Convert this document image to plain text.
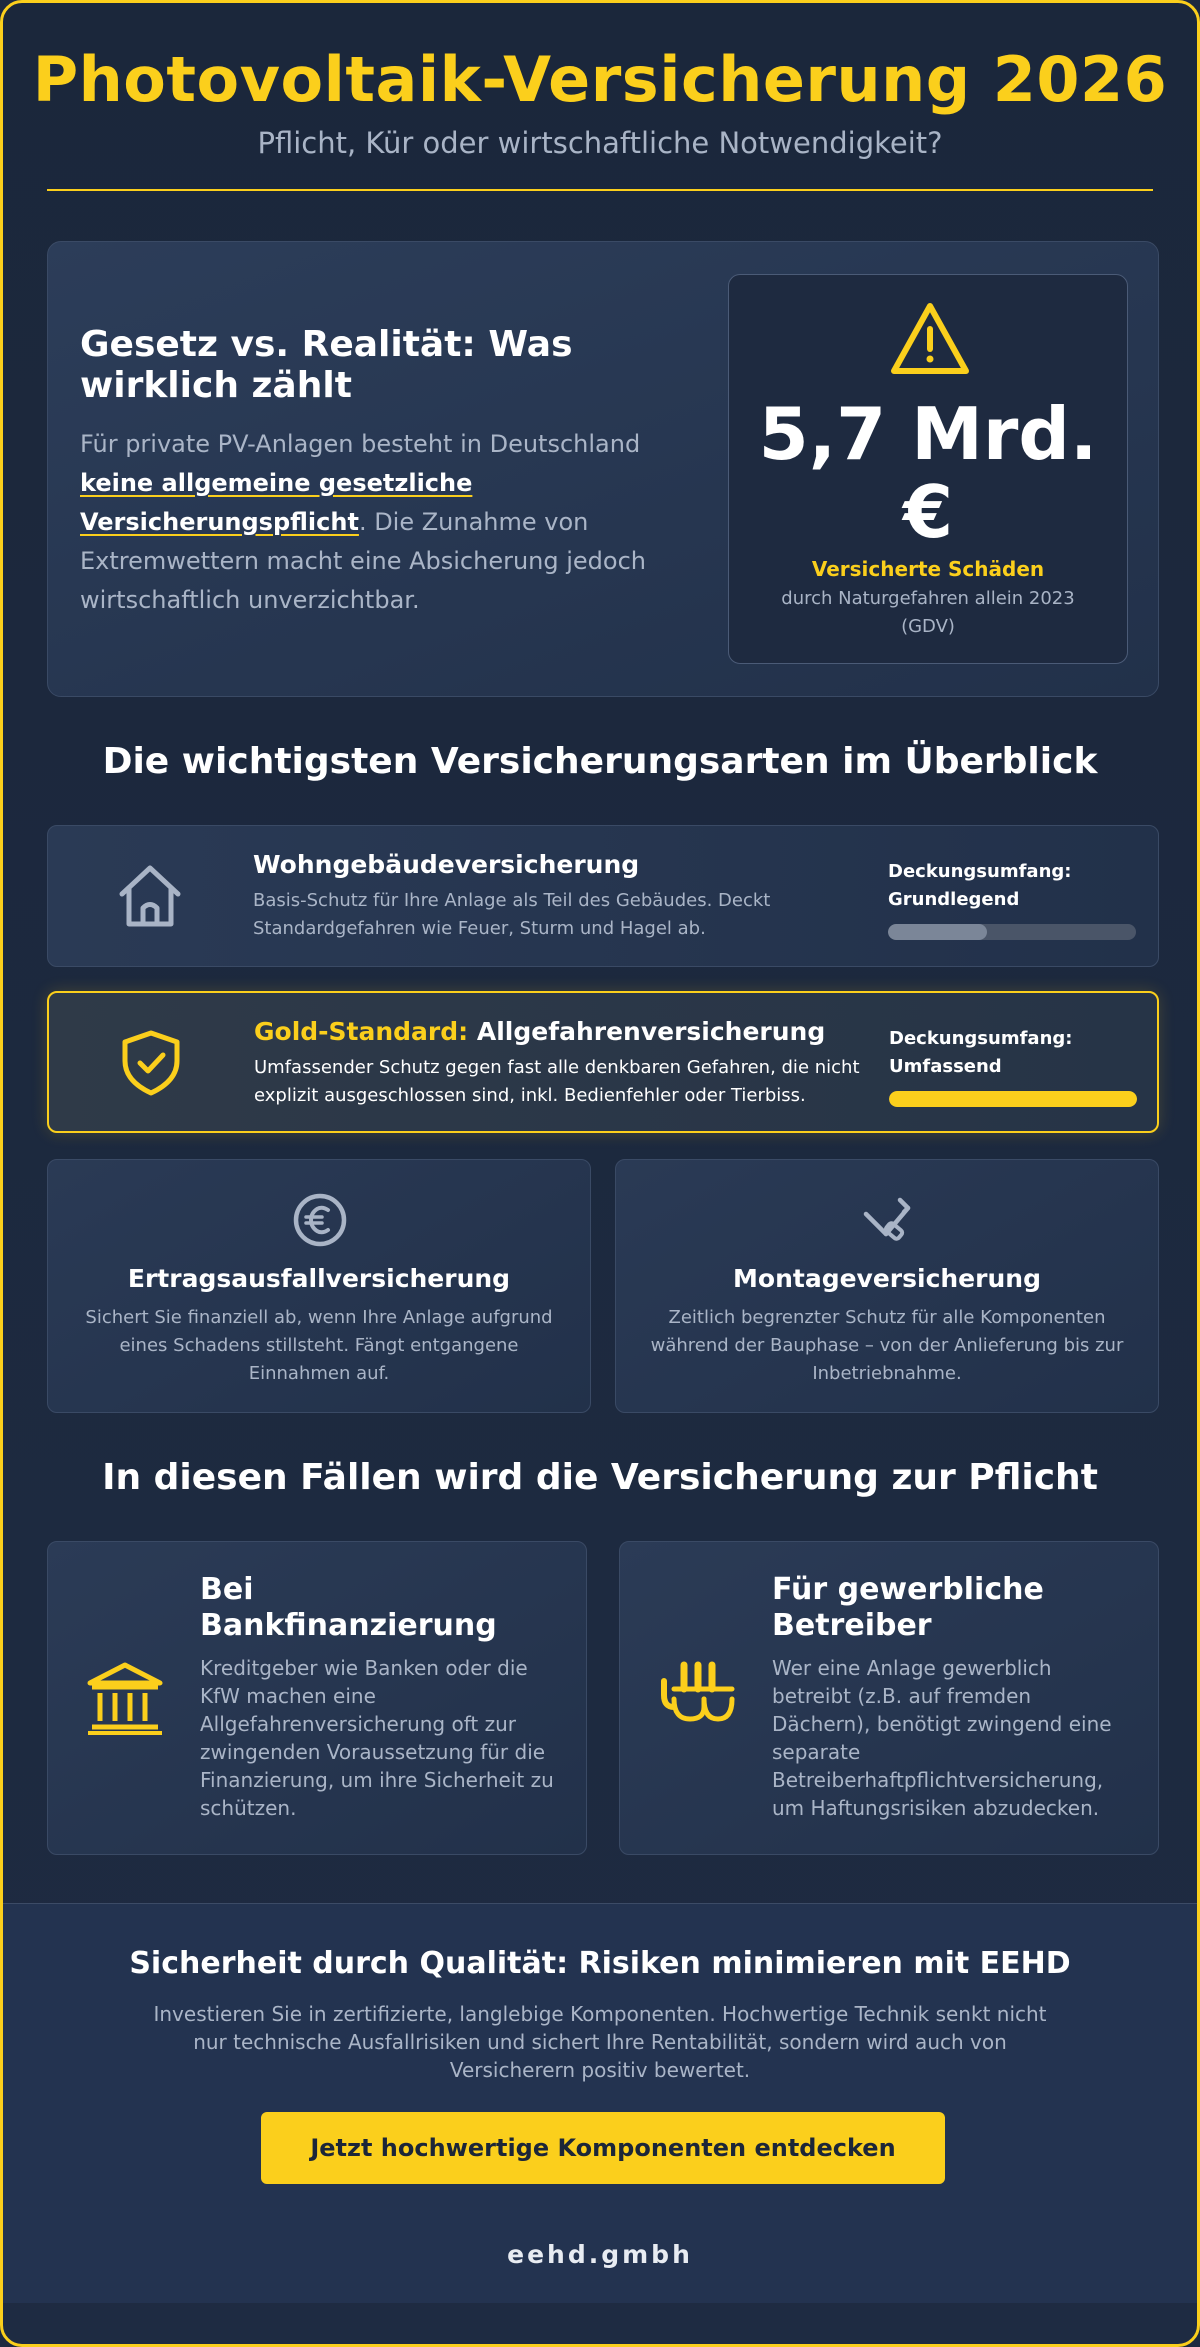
Photovoltaik-Versicherung 2026

Pflicht, Kür oder wirtschaftliche Notwendigkeit?

Gesetz vs. Realität: Was wirklich zählt

Für private PV-Anlagen besteht in Deutschland keine allgemeine gesetzliche Versicherungspflicht. Die Zunahme von Extremwettern macht eine Absicherung jedoch wirtschaftlich unverzichtbar.

5,7 Mrd. €
Versicherte Schäden
durch Naturgefahren allein 2023 (GDV)
Die wichtigsten Versicherungsarten im Überblick
Wohngebäudeversicherung
Basis-Schutz für Ihre Anlage als Teil des Gebäudes. Deckt Standardgefahren wie Feuer, Sturm und Hagel ab.
Deckungsumfang:
Grundlegend
Gold-Standard: Allgefahrenversicherung
Umfassender Schutz gegen fast alle denkbaren Gefahren, die nicht explizit ausgeschlossen sind, inkl. Bedienfehler oder Tierbiss.
Deckungsumfang:
Umfassend
Ertragsausfallversicherung
Sichert Sie finanziell ab, wenn Ihre Anlage aufgrund eines Schadens stillsteht. Fängt entgangene Einnahmen auf.
Montageversicherung
Zeitlich begrenzter Schutz für alle Komponenten während der Bauphase – von der Anlieferung bis zur Inbetriebnahme.
In diesen Fällen wird die Versicherung zur Pflicht
Bei Bankfinanzierung
Kreditgeber wie Banken oder die KfW machen eine Allgefahrenversicherung oft zur zwingenden Voraussetzung für die Finanzierung, um ihre Sicherheit zu schützen.
Für gewerbliche Betreiber
Wer eine Anlage gewerblich betreibt (z.B. auf fremden Dächern), benötigt zwingend eine separate Betreiberhaftpflichtversicherung, um Haftungsrisiken abzudecken.
Sicherheit durch Qualität: Risiken minimieren mit EEHD

Investieren Sie in zertifizierte, langlebige Komponenten. Hochwertige Technik senkt nicht nur technische Ausfallrisiken und sichert Ihre Rentabilität, sondern wird auch von Versicherern positiv bewertet.

Jetzt hochwertige Komponenten entdecken
eehd.gmbh
